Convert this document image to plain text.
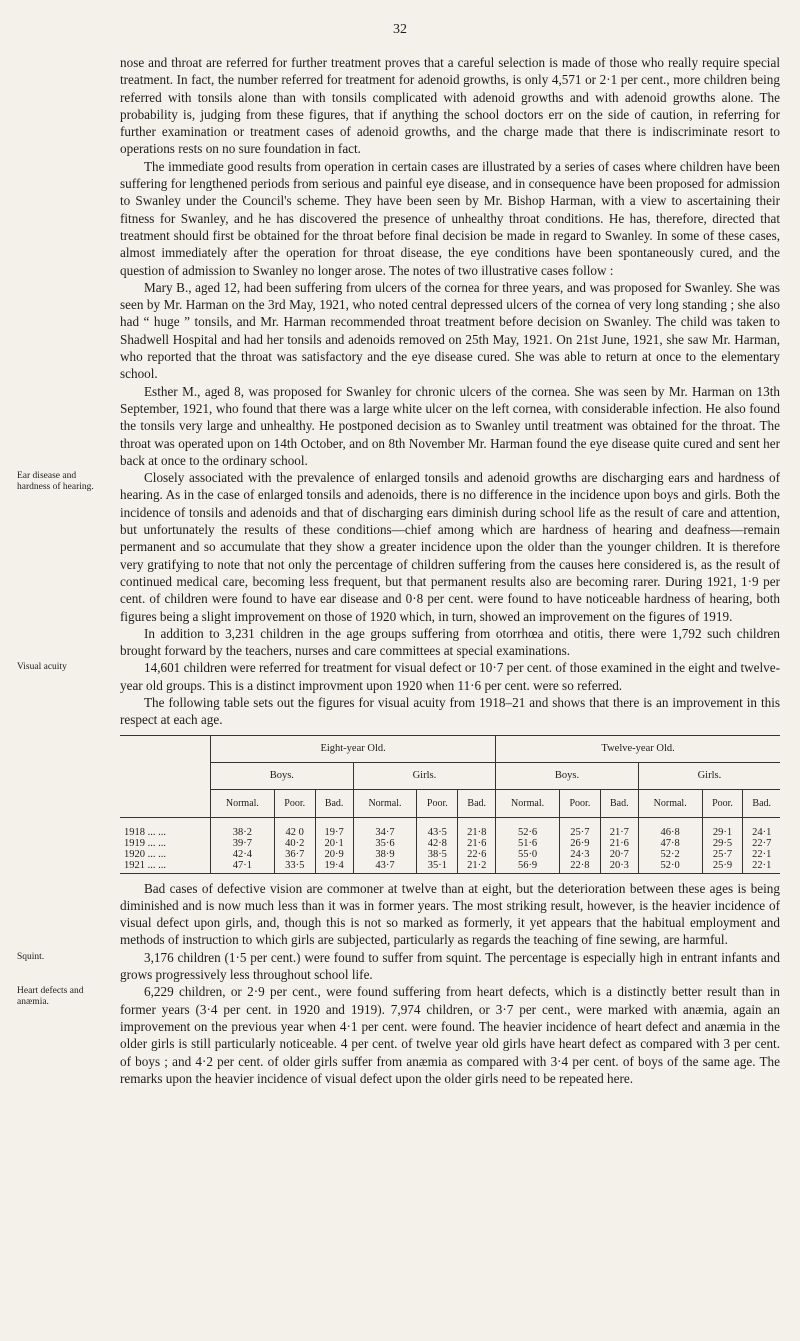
32

nose and throat are referred for further treatment proves that a careful selection is made of those who really require special treatment. In fact, the number referred for treatment for adenoid growths, is only 4,571 or 2·1 per cent., more children being referred with tonsils alone than with tonsils complicated with adenoid growths and with adenoid growths alone. The probability is, judging from these figures, that if anything the school doctors err on the side of caution, in referring for further examination or treatment cases of adenoid growths, and the charge made that there is indiscriminate resort to operations rests on no sure foundation in fact.

The immediate good results from operation in certain cases are illustrated by a series of cases where children have been suffering for lengthened periods from serious and painful eye disease, and in consequence have been proposed for admission to Swanley under the Council's scheme. They have been seen by Mr. Bishop Harman, with a view to ascertaining their fitness for Swanley, and he has discovered the presence of unhealthy throat conditions. He has, therefore, directed that treatment should first be obtained for the throat before final decision be made in regard to Swanley. In some of these cases, almost immediately after the operation for throat disease, the eye conditions have been spontaneously cured, and the question of admission to Swanley no longer arose. The notes of two illustrative cases follow :

Mary B., aged 12, had been suffering from ulcers of the cornea for three years, and was proposed for Swanley. She was seen by Mr. Harman on the 3rd May, 1921, who noted central depressed ulcers of the cornea of very long standing ; she also had “ huge ” tonsils, and Mr. Harman recommended throat treatment before decision on Swanley. The child was taken to Shadwell Hospital and had her tonsils and adenoids removed on 25th May, 1921. On 21st June, 1921, she saw Mr. Harman, who reported that the throat was satisfactory and the eye disease cured. She was able to return at once to the elementary school.

Esther M., aged 8, was proposed for Swanley for chronic ulcers of the cornea. She was seen by Mr. Harman on 13th September, 1921, who found that there was a large white ulcer on the left cornea, with considerable infection. He also found the tonsils very large and unhealthy. He postponed decision as to Swanley until treatment was obtained for the throat. The throat was operated upon on 14th October, and on 8th November Mr. Harman found the eye disease quite cured and sent her back at once to the ordinary school.

Ear disease and hardness of hearing.

Closely associated with the prevalence of enlarged tonsils and adenoid growths are discharging ears and hardness of hearing. As in the case of enlarged tonsils and adenoids, there is no difference in the incidence upon boys and girls. Both the incidence of tonsils and adenoids and that of discharging ears diminish during school life as the result of care and attention, but unfortunately the results of these conditions—chief among which are hardness of hearing and deafness—remain permanent and so accumulate that they show a greater incidence upon the older than the younger children. It is therefore very gratifying to note that not only the percentage of children suffering from the causes here considered is, as the result of continued medical care, becoming less frequent, but that permanent results also are becoming rarer. During 1921, 1·9 per cent. of children were found to have ear disease and 0·8 per cent. were found to have noticeable hardness of hearing, both figures being a slight improvement on those of 1920 which, in turn, showed an improvement on the figures of 1919.

In addition to 3,231 children in the age groups suffering from otorrhœa and otitis, there were 1,792 such children brought forward by the teachers, nurses and care committees at special examinations.

Visual acuity	14,601 children were referred for treatment for visual defect or 10·7 per cent. of those examined in the eight and twelve-year old groups. This is a distinct improvment upon 1920 when 11·6 per cent. were so referred.

The following table sets out the figures for visual acuity from 1918–21 and shows that there is an improvement in this respect at each age.

	Eight-year Old.						Twelve-year Old.					
	Boys.			Girls.			Boys.			Girls.		
	Normal.	Poor.	Bad.	Normal.	Poor.	Bad.	Normal.	Poor.	Bad.	Normal.	Poor.	Bad.
1918 ... ...	38·2	42 0	19·7	34·7	43·5	21·8	52·6	25·7	21·7	46·8	29·1	24·1
1919 ... ...	39·7	40·2	20·1	35·6	42·8	21·6	51·6	26·9	21·6	47·8	29·5	22·7
1920 ... ...	42·4	36·7	20·9	38·9	38·5	22·6	55·0	24·3	20·7	52·2	25·7	22·1
1921 ... ...	47·1	33·5	19·4	43·7	35·1	21·2	56·9	22·8	20·3	52·0	25·9	22·1

Bad cases of defective vision are commoner at twelve than at eight, but the deterioration between these ages is being diminished and is now much less than it was in former years. The most striking result, however, is the heavier incidence of visual defect upon girls, and, though this is not so marked as formerly, it yet appears that the habitual employment and methods of instruction to which girls are subjected, particularly as regards the teaching of fine sewing, are harmful.

Squint.	3,176 children (1·5 per cent.) were found to suffer from squint. The percentage is especially high in entrant infants and grows progressively less throughout school life.

Heart defects and anæmia.

6,229 children, or 2·9 per cent., were found suffering from heart defects, which is a distinctly better result than in former years (3·4 per cent. in 1920 and 1919). 7,974 children, or 3·7 per cent., were marked with anæmia, again an improvement on the previous year when 4·1 per cent. were found. The heavier incidence of heart defect and anæmia in the older girls is still particularly noticeable. 4 per cent. of twelve year old girls have heart defect as compared with 3 per cent. of boys ; and 4·2 per cent. of older girls suffer from anæmia as compared with 3·4 per cent. of boys of the same age. The remarks upon the heavier incidence of visual defect upon the older girls need to be repeated here.
